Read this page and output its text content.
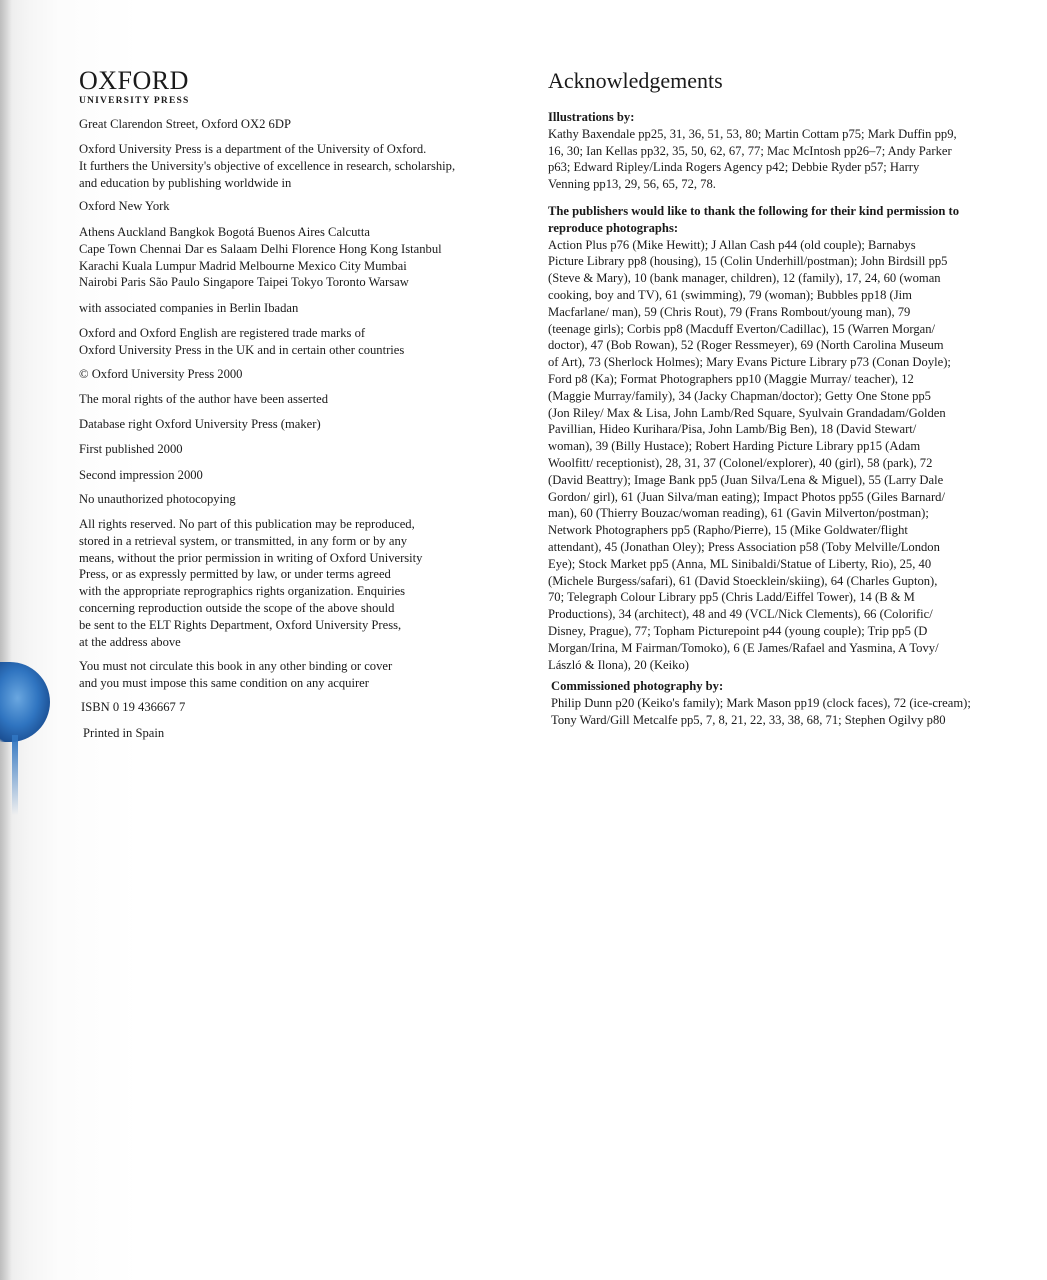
OXFORD
UNIVERSITY PRESS

Great Clarendon Street, Oxford OX2 6DP

Oxford University Press is a department of the University of Oxford.
It furthers the University's objective of excellence in research, scholarship,
and education by publishing worldwide in

Oxford New York

Athens Auckland Bangkok Bogotá Buenos Aires Calcutta
Cape Town Chennai Dar es Salaam Delhi Florence Hong Kong Istanbul
Karachi Kuala Lumpur Madrid Melbourne Mexico City Mumbai
Nairobi Paris São Paulo Singapore Taipei Tokyo Toronto Warsaw

with associated companies in Berlin Ibadan

Oxford and Oxford English are registered trade marks of
Oxford University Press in the UK and in certain other countries

© Oxford University Press 2000

The moral rights of the author have been asserted

Database right Oxford University Press (maker)

First published 2000

Second impression 2000

No unauthorized photocopying

All rights reserved. No part of this publication may be reproduced,
stored in a retrieval system, or transmitted, in any form or by any
means, without the prior permission in writing of Oxford University
Press, or as expressly permitted by law, or under terms agreed
with the appropriate reprographics rights organization. Enquiries
concerning reproduction outside the scope of the above should
be sent to the ELT Rights Department, Oxford University Press,
at the address above

You must not circulate this book in any other binding or cover
and you must impose this same condition on any acquirer

ISBN 0 19 436667 7

Printed in Spain

Acknowledgements
Illustrations by:

Kathy Baxendale pp25, 31, 36, 51, 53, 80; Martin Cottam p75; Mark Duffin pp9,
16, 30; Ian Kellas pp32, 35, 50, 62, 67, 77; Mac McIntosh pp26–7; Andy Parker
p63; Edward Ripley/Linda Rogers Agency p42; Debbie Ryder p57; Harry
Venning pp13, 29, 56, 65, 72, 78.

The publishers would like to thank the following for their kind permission to
reproduce photographs:

Action Plus p76 (Mike Hewitt); J Allan Cash p44 (old couple); Barnabys
Picture Library pp8 (housing), 15 (Colin Underhill/postman); John Birdsill pp5
(Steve & Mary), 10 (bank manager, children), 12 (family), 17, 24, 60 (woman
cooking, boy and TV), 61 (swimming), 79 (woman); Bubbles pp18 (Jim
Macfarlane/ man), 59 (Chris Rout), 79 (Frans Rombout/young man), 79
(teenage girls); Corbis pp8 (Macduff Everton/Cadillac), 15 (Warren Morgan/
doctor), 47 (Bob Rowan), 52 (Roger Ressmeyer), 69 (North Carolina Museum
of Art), 73 (Sherlock Holmes); Mary Evans Picture Library p73 (Conan Doyle);
Ford p8 (Ka); Format Photographers pp10 (Maggie Murray/ teacher), 12
(Maggie Murray/family), 34 (Jacky Chapman/doctor); Getty One Stone pp5
(Jon Riley/ Max & Lisa, John Lamb/Red Square, Syulvain Grandadam/Golden
Pavillian, Hideo Kurihara/Pisa, John Lamb/Big Ben), 18 (David Stewart/
woman), 39 (Billy Hustace); Robert Harding Picture Library pp15 (Adam
Woolfitt/ receptionist), 28, 31, 37 (Colonel/explorer), 40 (girl), 58 (park), 72
(David Beattry); Image Bank pp5 (Juan Silva/Lena & Miguel), 55 (Larry Dale
Gordon/ girl), 61 (Juan Silva/man eating); Impact Photos pp55 (Giles Barnard/
man), 60 (Thierry Bouzac/woman reading), 61 (Gavin Milverton/postman);
Network Photographers pp5 (Rapho/Pierre), 15 (Mike Goldwater/flight
attendant), 45 (Jonathan Oley); Press Association p58 (Toby Melville/London
Eye); Stock Market pp5 (Anna, ML Sinibaldi/Statue of Liberty, Rio), 25, 40
(Michele Burgess/safari), 61 (David Stoecklein/skiing), 64 (Charles Gupton),
70; Telegraph Colour Library pp5 (Chris Ladd/Eiffel Tower), 14 (B & M
Productions), 34 (architect), 48 and 49 (VCL/Nick Clements), 66 (Colorific/
Disney, Prague), 77; Topham Picturepoint p44 (young couple); Trip pp5 (D
Morgan/Irina, M Fairman/Tomoko), 6 (E James/Rafael and Yasmina, A Tovy/
László & Ilona), 20 (Keiko)

Commissioned photography by:

Philip Dunn p20 (Keiko's family); Mark Mason pp19 (clock faces), 72 (ice-cream);
Tony Ward/Gill Metcalfe pp5, 7, 8, 21, 22, 33, 38, 68, 71; Stephen Ogilvy p80
